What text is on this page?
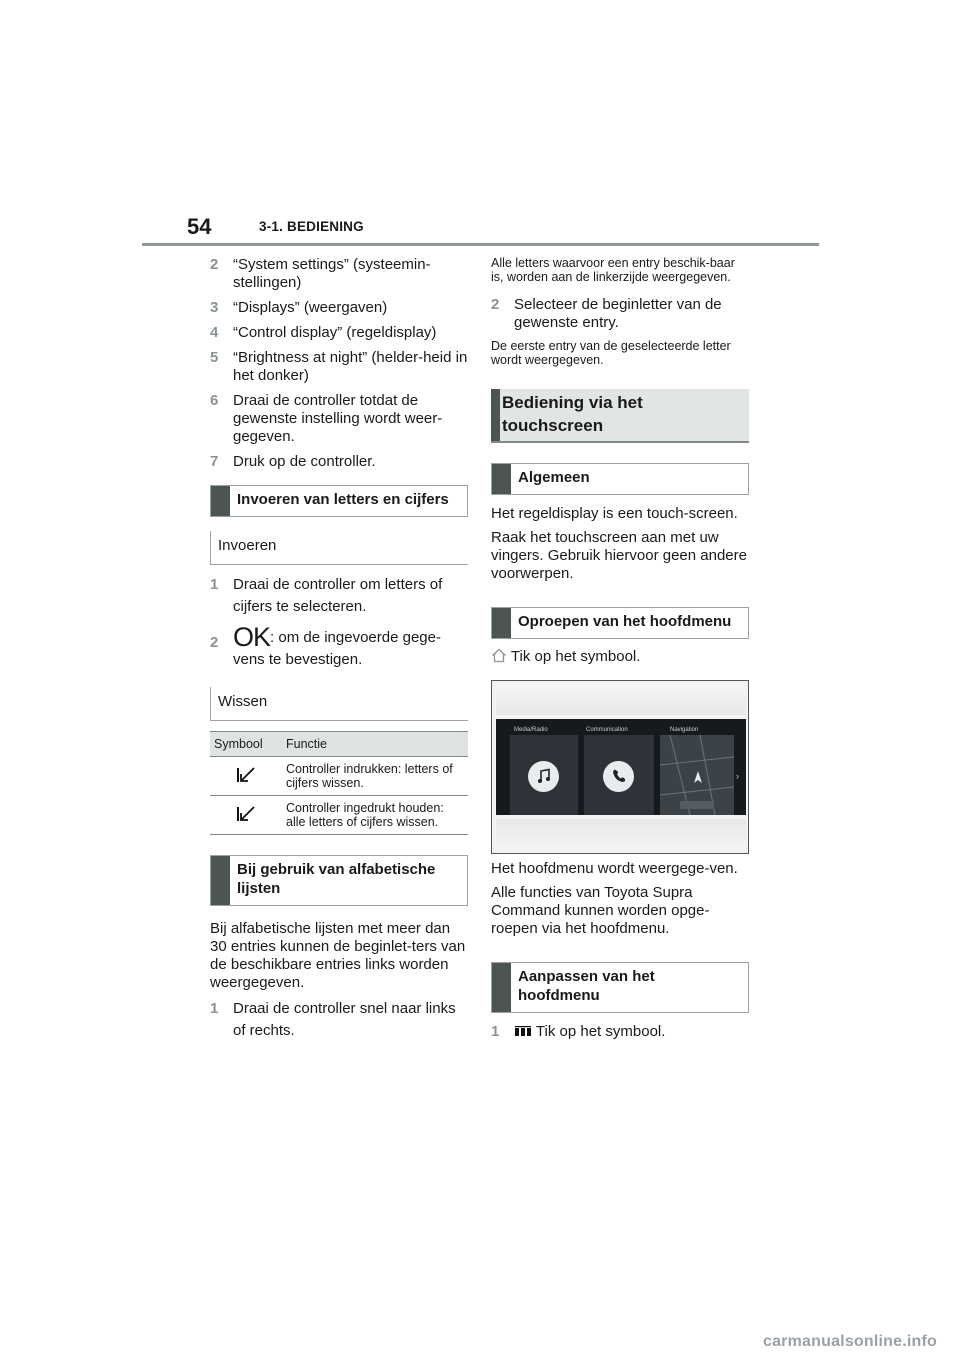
54	3-1. BEDIENING
2 “System settings” (systeemin-stellingen)
3 “Displays” (weergaven)
4 “Control display” (regeldisplay)
5 “Brightness at night” (helder-heid in het donker)
6 Draai de controller totdat de gewenste instelling wordt weer-gegeven.
7 Druk op de controller.
Invoeren van letters en cijfers
Invoeren
1 Draai de controller om letters of cijfers te selecteren.
2 OK: om de ingevoerde gege-vens te bevestigen.
Wissen
Symbool	Functie
	Controller indrukken: letters of cijfers wissen.
	Controller ingedrukt houden: alle letters of cijfers wissen.
Bij gebruik van alfabetische lijsten

Bij alfabetische lijsten met meer dan 30 entries kunnen de beginlet-ters van de beschikbare entries links worden weergegeven.

1 Draai de controller snel naar links of rechts.

Alle letters waarvoor een entry beschik-baar is, worden aan de linkerzijde weergegeven.

2 Selecteer de beginletter van de gewenste entry.

De eerste entry van de geselecteerde letter wordt weergegeven.

Bediening via het touchscreen
Algemeen

Het regeldisplay is een touch-screen.

Raak het touchscreen aan met uw vingers. Gebruik hiervoor geen andere voorwerpen.

Oproepen van het hoofdmenu
Tik op het symbool.
Media/Radio	Communication	Navigation
›

Het hoofdmenu wordt weergege-ven.

Alle functies van Toyota Supra Command kunnen worden opge-roepen via het hoofdmenu.

Aanpassen van het hoofdmenu
1 Tik op het symbool.
carmanualsonline.info
